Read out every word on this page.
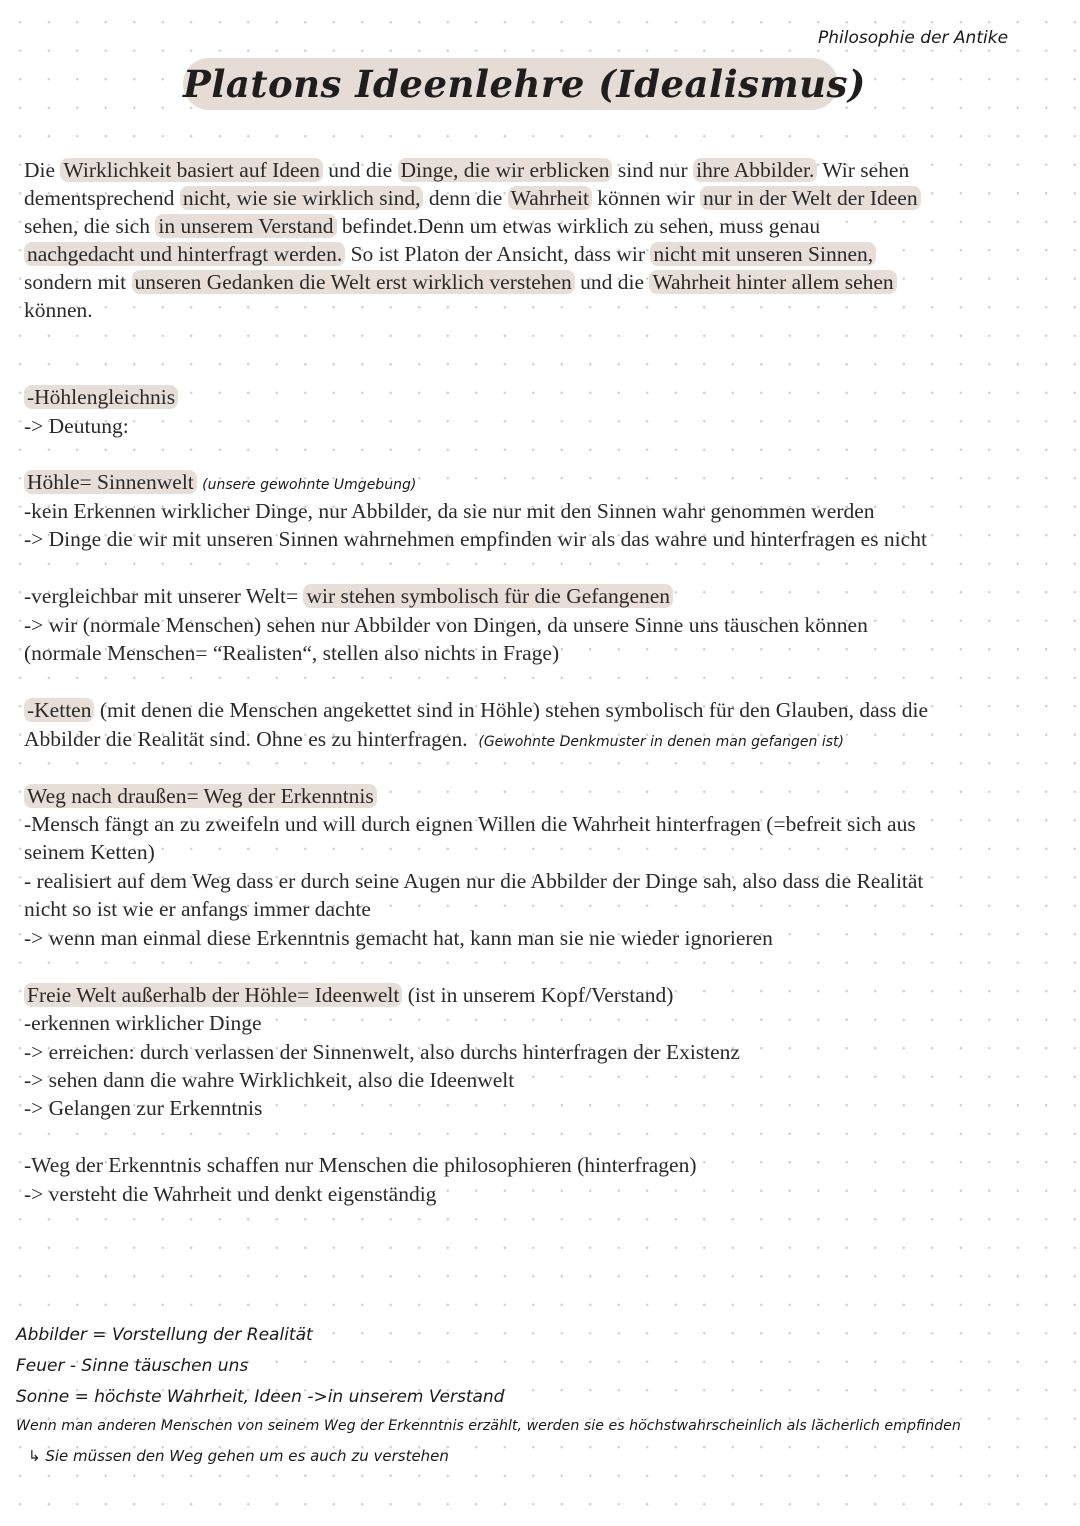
Philosophie der Antike
Platons Ideenlehre (Idealismus)
Die Wirklichkeit basiert auf Ideen und die Dinge, die wir erblicken sind nur ihre Abbilder. Wir sehen
dementsprechend nicht, wie sie wirklich sind, denn die Wahrheit können wir nur in der Welt der Ideen
sehen, die sich in unserem Verstand befindet.Denn um etwas wirklich zu sehen, muss genau
nachgedacht und hinterfragt werden. So ist Platon der Ansicht, dass wir nicht mit unseren Sinnen,
sondern mit unseren Gedanken die Welt erst wirklich verstehen und die Wahrheit hinter allem sehen
können.
-Höhlengleichnis
-> Deutung:
Höhle= Sinnenwelt (unsere gewohnte Umgebung)
-kein Erkennen wirklicher Dinge, nur Abbilder, da sie nur mit den Sinnen wahr genommen werden
-> Dinge die wir mit unseren Sinnen wahrnehmen empfinden wir als das wahre und hinterfragen es nicht
-vergleichbar mit unserer Welt= wir stehen symbolisch für die Gefangenen
-> wir (normale Menschen) sehen nur Abbilder von Dingen, da unsere Sinne uns täuschen können
(normale Menschen= “Realisten“, stellen also nichts in Frage)
-Ketten (mit denen die Menschen angekettet sind in Höhle) stehen symbolisch für den Glauben, dass die
Abbilder die Realität sind. Ohne es zu hinterfragen. (Gewohnte Denkmuster in denen man gefangen ist)
Weg nach draußen= Weg der Erkenntnis
-Mensch fängt an zu zweifeln und will durch eignen Willen die Wahrheit hinterfragen (=befreit sich aus
seinem Ketten)
- realisiert auf dem Weg dass er durch seine Augen nur die Abbilder der Dinge sah, also dass die Realität
nicht so ist wie er anfangs immer dachte
-> wenn man einmal diese Erkenntnis gemacht hat, kann man sie nie wieder ignorieren
Freie Welt außerhalb der Höhle= Ideenwelt (ist in unserem Kopf/Verstand)
-erkennen wirklicher Dinge
-> erreichen: durch verlassen der Sinnenwelt, also durchs hinterfragen der Existenz
-> sehen dann die wahre Wirklichkeit, also die Ideenwelt
-> Gelangen zur Erkenntnis
-Weg der Erkenntnis schaffen nur Menschen die philosophieren (hinterfragen)
-> versteht die Wahrheit und denkt eigenständig
Abbilder = Vorstellung der Realität
Feuer - Sinne täuschen uns
Sonne = höchste Wahrheit, Ideen ->in unserem Verstand
Wenn man anderen Menschen von seinem Weg der Erkenntnis erzählt, werden sie es höchstwahrscheinlich als lächerlich empfinden
↳ Sie müssen den Weg gehen um es auch zu verstehen
